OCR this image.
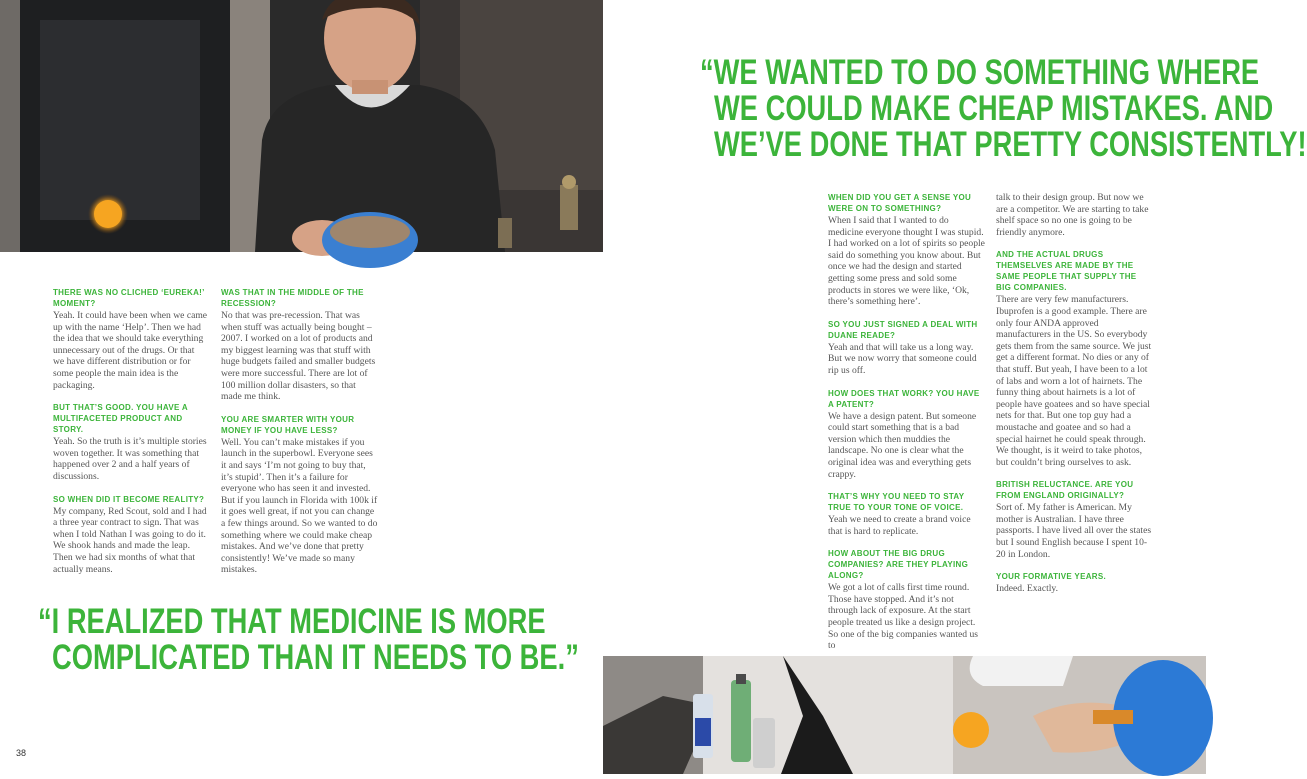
“WE WANTED TO DO SOMETHING WHERE
WE COULD MAKE CHEAP MISTAKES. AND
WE’VE DONE THAT PRETTY CONSISTENTLY!
“I REALIZED THAT MEDICINE IS MORE
COMPLICATED THAN IT NEEDS TO BE.”
THERE WAS NO CLICHED ‘EUREKA!’ MOMENT?
Yeah. It could have been when we came up with the name ‘Help’. Then we had the idea that we should take everything unnecessary out of the drugs. Or that we have different distribution or for some people the main idea is the packaging.
BUT THAT’S GOOD. YOU HAVE A MULTIFACETED PRODUCT AND STORY.
Yeah. So the truth is it’s multiple stories woven together. It was something that happened over 2 and a half years of discussions.
SO WHEN DID IT BECOME REALITY?
My company, Red Scout, sold and I had a three year contract to sign. That was when I told Nathan I was going to do it. We shook hands and made the leap. Then we had six months of what that actually means.
WAS THAT IN THE MIDDLE OF THE RECESSION?
No that was pre-recession. That was when stuff was actually being bought – 2007. I worked on a lot of products and my biggest learning was that stuff with huge budgets failed and smaller budgets were more successful. There are lot of 100 million dollar disasters, so that made me think.
YOU ARE SMARTER WITH YOUR MONEY IF YOU HAVE LESS?
Well. You can’t make mistakes if you launch in the superbowl. Everyone sees it and says ‘I’m not going to buy that, it’s stupid’. Then it’s a failure for everyone who has seen it and invested. But if you launch in Florida with 100k if it goes well great, if not you can change a few things around. So we wanted to do something where we could make cheap mistakes. And we’ve done that pretty consistently! We’ve made so many mistakes.
WHEN DID YOU GET A SENSE YOU WERE ON TO SOMETHING?
When I said that I wanted to do medicine everyone thought I was stupid. I had worked on a lot of spirits so people said do something you know about. But once we had the design and started getting some press and sold some products in stores we were like, ‘Ok, there’s something here’.
SO YOU JUST SIGNED A DEAL WITH DUANE READE?
Yeah and that will take us a long way. But we now worry that someone could rip us off.
HOW DOES THAT WORK? YOU HAVE A PATENT?
We have a design patent. But someone could start something that is a bad version which then muddies the landscape. No one is clear what the original idea was and everything gets crappy.
THAT’S WHY YOU NEED TO STAY TRUE TO YOUR TONE OF VOICE.
Yeah we need to create a brand voice that is hard to replicate.
HOW ABOUT THE BIG DRUG COMPANIES? ARE THEY PLAYING ALONG?
We got a lot of calls first time round. Those have stopped. And it’s not through lack of exposure. At the start people treated us like a design project. So one of the big companies wanted us to
talk to their design group. But now we are a competitor. We are starting to take shelf space so no one is going to be friendly anymore.
AND THE ACTUAL DRUGS THEMSELVES ARE MADE BY THE SAME PEOPLE THAT SUPPLY THE BIG COMPANIES.
There are very few manufacturers. Ibuprofen is a good example. There are only four ANDA approved manufacturers in the US. So everybody gets them from the same source. We just get a different format. No dies or any of that stuff. But yeah, I have been to a lot of labs and worn a lot of hairnets. The funny thing about hairnets is a lot of people have goatees and so have special nets for that. But one top guy had a moustache and goatee and so had a special hairnet he could speak through. We thought, is it weird to take photos, but couldn’t bring ourselves to ask.
BRITISH RELUCTANCE. ARE YOU FROM ENGLAND ORIGINALLY?
Sort of. My father is American. My mother is Australian. I have three passports. I have lived all over the states but I sound English because I spent 10-20 in London.
YOUR FORMATIVE YEARS.
Indeed. Exactly.
38
